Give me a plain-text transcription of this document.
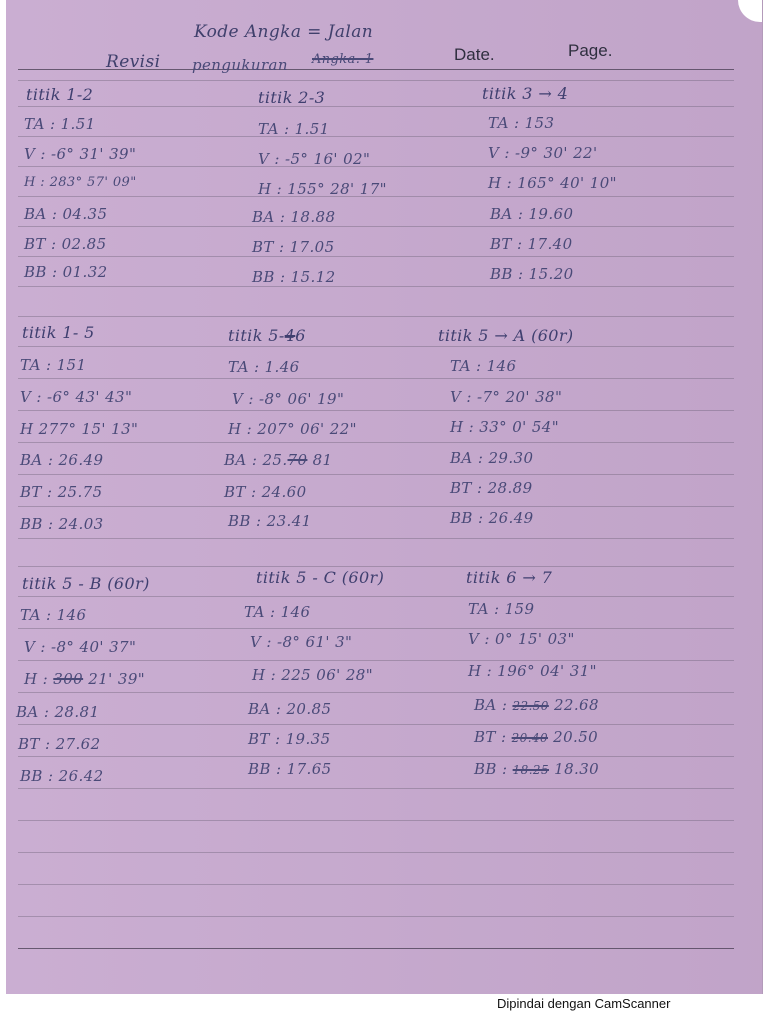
Kode Angka = Jalan
Revisi pengukuran Angka. 1	Date.	Page.
titik 1-2
TA : 1.51
V : -6° 31' 39"
H : 283° 57' 09"
BA : 04.35
BT : 02.85
BB : 01.32
titik 2-3
TA : 1.51
V : -5° 16' 02"
H : 155° 28' 17"
BA : 18.88
BT : 17.05
BB : 15.12
titik 3 → 4
TA : 153
V : -9° 30' 22'
H : 165° 40' 10"
BA : 19.60
BT : 17.40
BB : 15.20
titik 1- 5
TA : 151
V : -6° 43' 43"
H 277° 15' 13"
BA : 26.49
BT : 25.75
BB : 24.03
titik 5-46
TA : 1.46
V : -8° 06' 19"
H : 207° 06' 22"
BA : 25.70 81
BT : 24.60
BB : 23.41
titik 5 → A (60r)
TA : 146
V : -7° 20' 38"
H : 33° 0' 54"
BA : 29.30
BT : 28.89
BB : 26.49
titik 5 - B (60r)
TA : 146
V : -8° 40' 37"
H : 300 21' 39"
BA : 28.81
BT : 27.62
BB : 26.42
titik 5 - C (60r)
TA : 146
V : -8° 61' 3"
H : 225 06' 28"
BA : 20.85
BT : 19.35
BB : 17.65
titik 6 → 7
TA : 159
V : 0° 15' 03"
H : 196° 04' 31"
BA : 22.50 22.68
BT : 20.40 20.50
BB : 18.25 18.30
Dipindai dengan CamScanner
